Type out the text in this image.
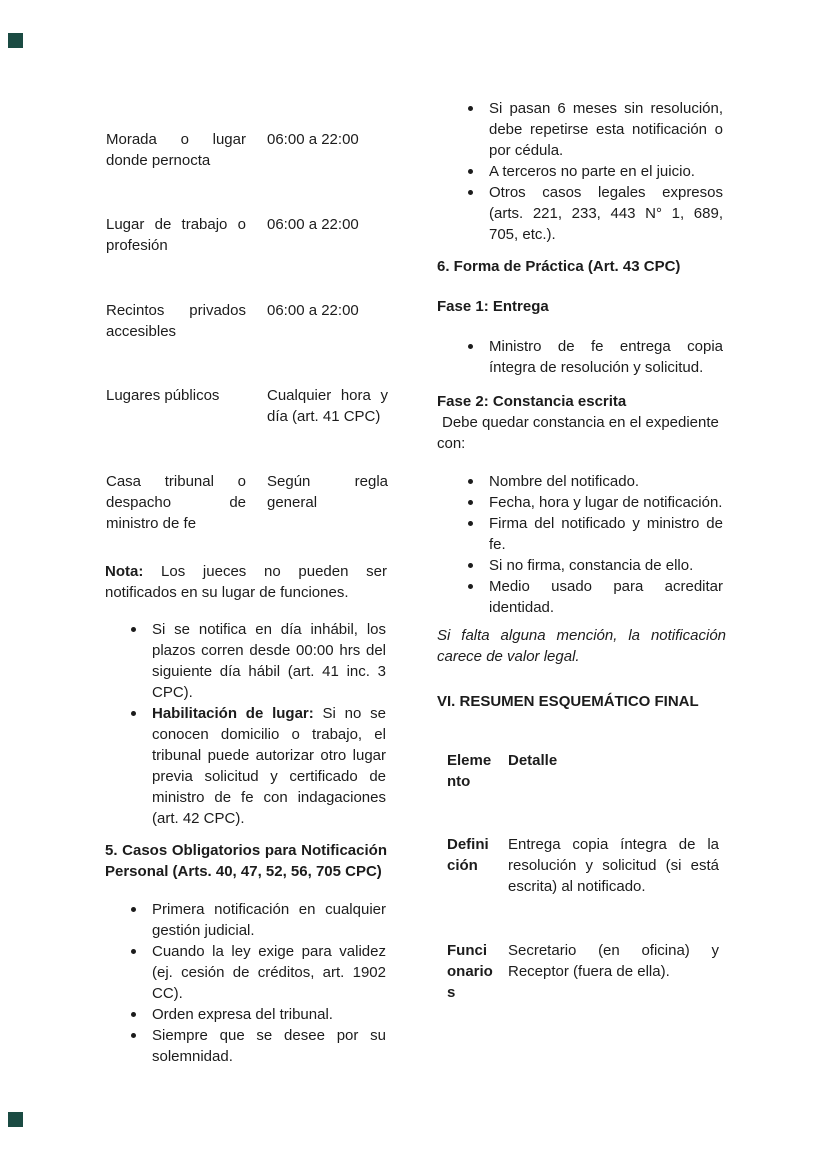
Morada o lugar donde pernocta
06:00 a 22:00
Lugar de trabajo o profesión
06:00 a 22:00
Recintos privados accesibles
06:00 a 22:00
Lugares públicos	Cualquier hora y día (art. 41 CPC)
Casa tribunal o despacho de ministro de fe
Según regla general

Nota: Los jueces no pueden ser notificados en su lugar de funciones.

Si se notifica en día inhábil, los plazos corren desde 00:00 hrs del siguiente día hábil (art. 41 inc. 3 CPC).
Habilitación de lugar: Si no se conocen domicilio o trabajo, el tribunal puede autorizar otro lugar previa solicitud y certificado de ministro de fe con indagaciones (art. 42 CPC).
5. Casos Obligatorios para Notificación Personal (Arts. 40, 47, 52, 56, 705 CPC)
Primera notificación en cualquier gestión judicial.
Cuando la ley exige para validez (ej. cesión de créditos, art. 1902 CC).
Orden expresa del tribunal.
Siempre que se desee por su solemnidad.
Si pasan 6 meses sin resolución, debe repetirse esta notificación o por cédula.
A terceros no parte en el juicio.
Otros casos legales expresos (arts. 221, 233, 443 N° 1, 689, 705, etc.).
6. Forma de Práctica (Art. 43 CPC)
Fase 1: Entrega
Ministro de fe entrega copia íntegra de resolución y solicitud.
Fase 2: Constancia escrita

Debe quedar constancia en el expediente con:

Nombre del notificado.
Fecha, hora y lugar de notificación.
Firma del notificado y ministro de fe.
Si no firma, constancia de ello.
Medio usado para acreditar identidad.

Si falta alguna mención, la notificación carece de valor legal.

VI. RESUMEN ESQUEMÁTICO FINAL
Elemento
Detalle
Definición
Entrega copia íntegra de la resolución y solicitud (si está escrita) al notificado.
Funcionarios
Secretario (en oficina) y Receptor (fuera de ella).
